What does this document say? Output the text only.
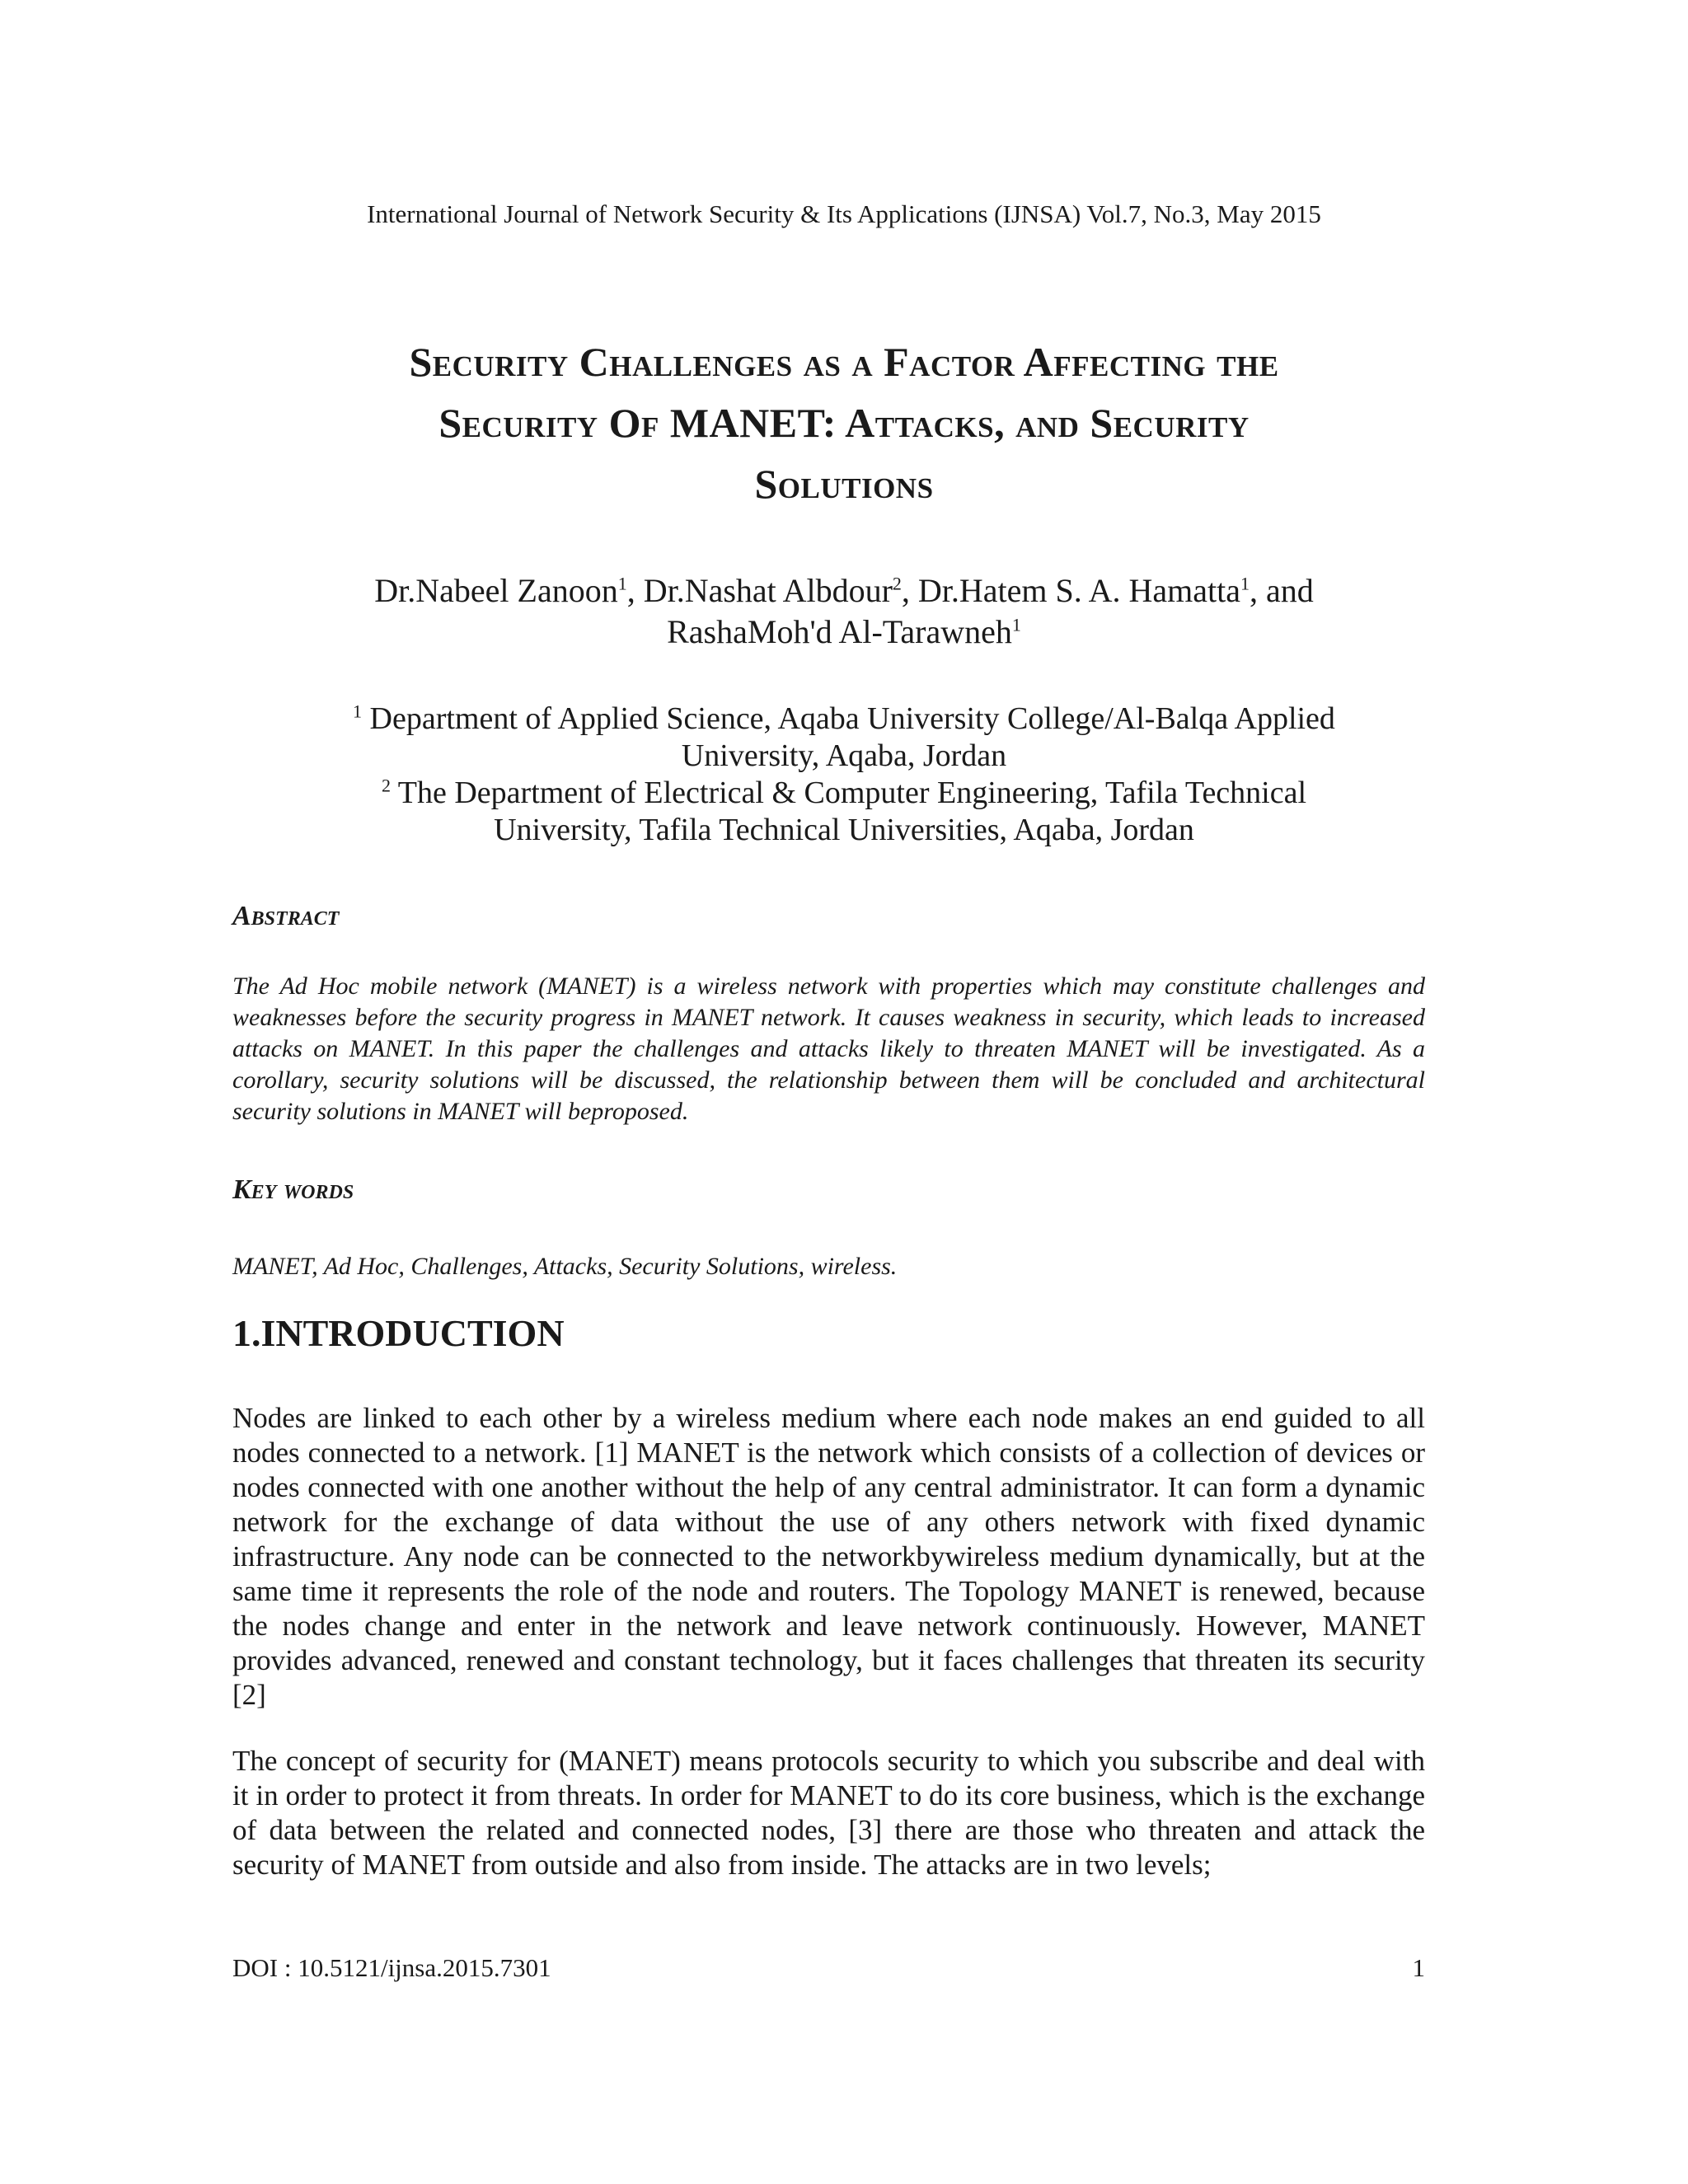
International Journal of Network Security & Its Applications (IJNSA) Vol.7, No.3, May 2015
Security Challenges as a Factor Affecting the
Security Of MANET: Attacks, and Security
Solutions
Dr.Nabeel Zanoon$^1$, Dr.Nashat Albdour$^2$, Dr.Hatem S. A. Hamatta$^1$, and
RashaMoh'd Al-Tarawneh$^1$
$^1$ Department of Applied Science, Aqaba University College/Al-Balqa Applied
University, Aqaba, Jordan
$^2$ The Department of Electrical & Computer Engineering, Tafila Technical
University, Tafila Technical Universities, Aqaba, Jordan
Abstract
The Ad Hoc mobile network (MANET) is a wireless network with properties which may constitute challenges and weaknesses before the security progress in MANET network. It causes weakness in security, which leads to increased attacks on MANET. In this paper the challenges and attacks likely to threaten MANET will be investigated. As a corollary, security solutions will be discussed, the relationship between them will be concluded and architectural security solutions in MANET will beproposed.
Key words
MANET, Ad Hoc, Challenges, Attacks, Security Solutions, wireless.
1.INTRODUCTION
Nodes are linked to each other by a wireless medium where each node makes an end guided to all nodes connected to a network. [1] MANET is the network which consists of a collection of devices or nodes connected with one another without the help of any central administrator. It can form a dynamic network for the exchange of data without the use of any others network with fixed dynamic infrastructure. Any node can be connected to the networkbywireless medium dynamically, but at the same time it represents the role of the node and routers. The Topology MANET is renewed, because the nodes change and enter in the network and leave network continuously. However, MANET provides advanced, renewed and constant technology, but it faces challenges that threaten its security [2]
The concept of security for (MANET) means protocols security to which you subscribe and deal with it in order to protect it from threats. In order for MANET to do its core business, which is the exchange of data between the related and connected nodes, [3] there are those who threaten and attack the security of MANET from outside and also from inside. The attacks are in two levels;
DOI : 10.5121/ijnsa.2015.7301	1
